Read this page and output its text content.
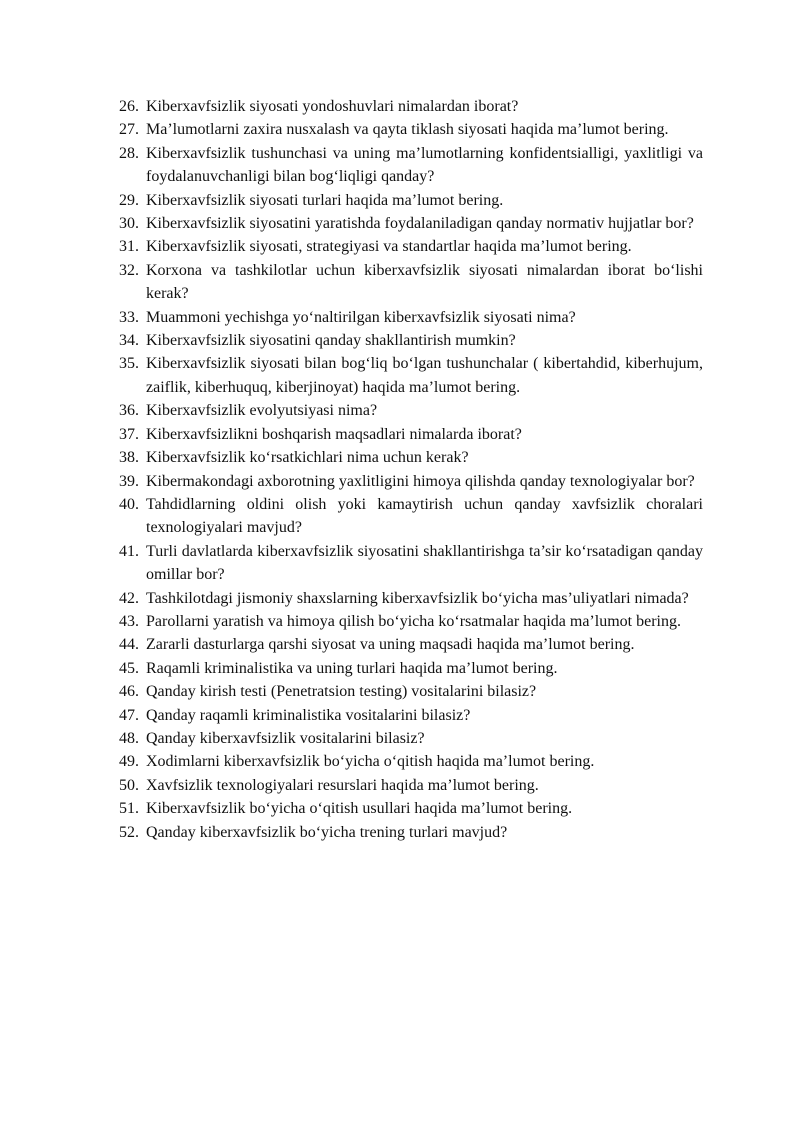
26. Kiberxavfsizlik siyosati yondoshuvlari nimalardan iborat?
27. Ma’lumotlarni zaxira nusxalash va qayta tiklash siyosati haqida ma’lumot bering.
28. Kiberxavfsizlik tushunchasi va uning ma’lumotlarning konfidentsialligi, yaxlitligi va foydalanuvchanligi bilan bog‘liqligi qanday?
29. Kiberxavfsizlik siyosati turlari haqida ma’lumot bering.
30. Kiberxavfsizlik siyosatini yaratishda foydalaniladigan qanday normativ hujjatlar bor?
31. Kiberxavfsizlik siyosati, strategiyasi va standartlar haqida ma’lumot bering.
32. Korxona va tashkilotlar uchun kiberxavfsizlik siyosati nimalardan iborat bo‘lishi kerak?
33. Muammoni yechishga yo‘naltirilgan kiberxavfsizlik siyosati nima?
34. Kiberxavfsizlik siyosatini qanday shakllantirish mumkin?
35. Kiberxavfsizlik siyosati bilan bog‘liq bo‘lgan tushunchalar ( kibertahdid, kiberhujum, zaiflik, kiberhuquq, kiberjinoyat) haqida ma’lumot bering.
36. Kiberxavfsizlik evolyutsiyasi nima?
37. Kiberxavfsizlikni boshqarish maqsadlari nimalarda iborat?
38. Kiberxavfsizlik ko‘rsatkichlari nima uchun kerak?
39. Kibermakondagi axborotning yaxlitligini himoya qilishda qanday texnologiyalar bor?
40. Tahdidlarning oldini olish yoki kamaytirish uchun qanday xavfsizlik choralari texnologiyalari mavjud?
41. Turli davlatlarda kiberxavfsizlik siyosatini shakllantirishga ta’sir ko‘rsatadigan qanday omillar bor?
42. Tashkilotdagi jismoniy shaxslarning kiberxavfsizlik bo‘yicha mas’uliyatlari nimada?
43. Parollarni yaratish va himoya qilish bo‘yicha ko‘rsatmalar haqida ma’lumot bering.
44. Zararli dasturlarga qarshi siyosat va uning maqsadi haqida ma’lumot bering.
45. Raqamli kriminalistika va uning turlari haqida ma’lumot bering.
46. Qanday kirish testi (Penetratsion testing) vositalarini bilasiz?
47. Qanday raqamli kriminalistika vositalarini bilasiz?
48. Qanday kiberxavfsizlik vositalarini bilasiz?
49. Xodimlarni kiberxavfsizlik bo‘yicha o‘qitish haqida ma’lumot bering.
50. Xavfsizlik texnologiyalari resurslari haqida ma’lumot bering.
51. Kiberxavfsizlik bo‘yicha o‘qitish usullari haqida ma’lumot bering.
52. Qanday kiberxavfsizlik bo‘yicha trening turlari mavjud?
